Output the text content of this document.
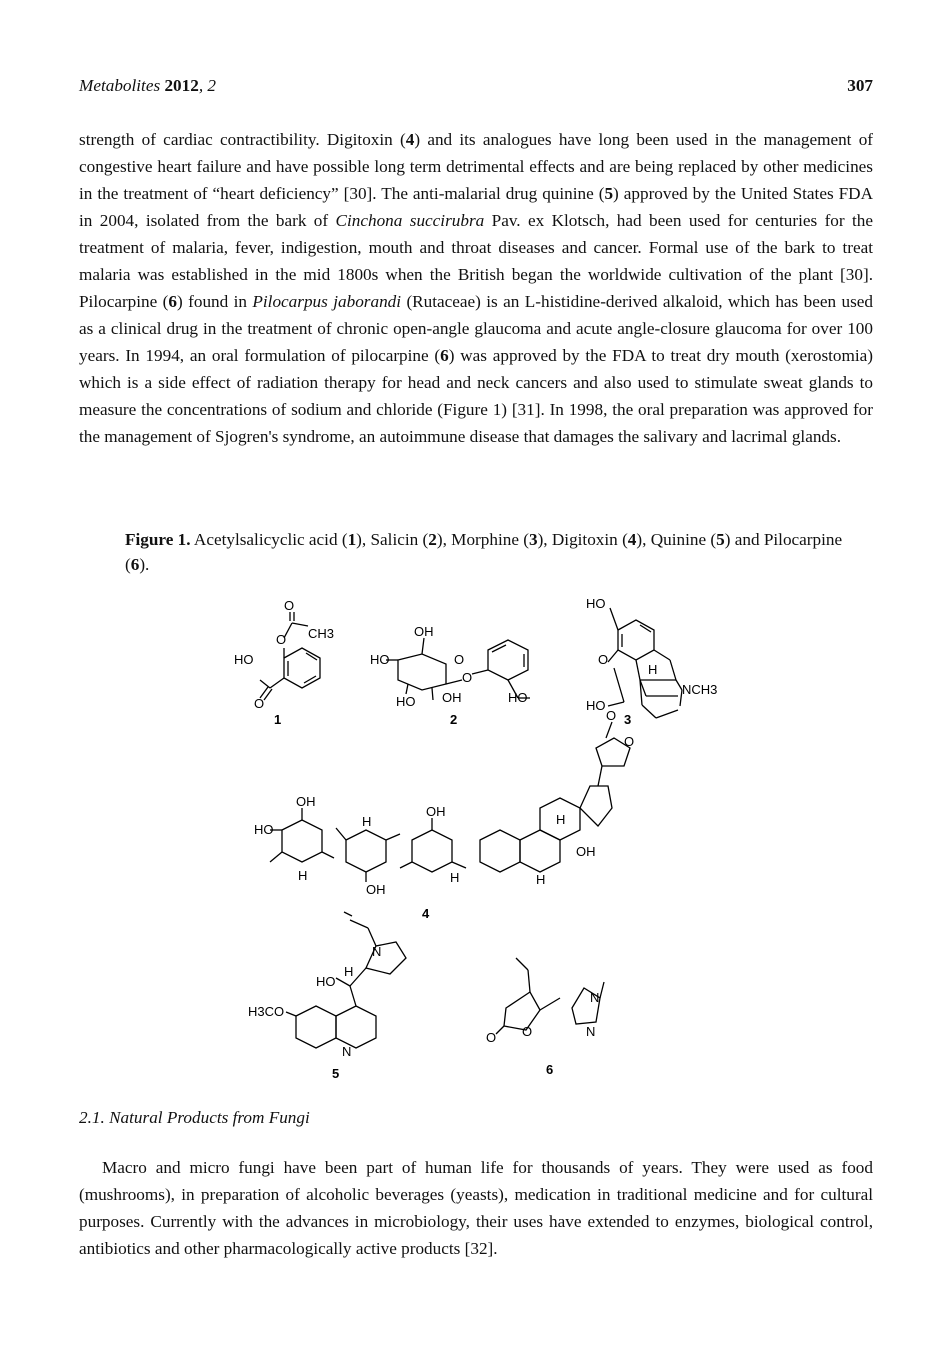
Metabolites 2012, 2	307

strength of cardiac contractibility. Digitoxin (4) and its analogues have long been used in the management of congestive heart failure and have possible long term detrimental effects and are being replaced by other medicines in the treatment of “heart deficiency” [30]. The anti-malarial drug quinine (5) approved by the United States FDA in 2004, isolated from the bark of Cinchona succirubra Pav. ex Klotsch, had been used for centuries for the treatment of malaria, fever, indigestion, mouth and throat diseases and cancer. Formal use of the bark to treat malaria was established in the mid 1800s when the British began the worldwide cultivation of the plant [30]. Pilocarpine (6) found in Pilocarpus jaborandi (Rutaceae) is an L-histidine-derived alkaloid, which has been used as a clinical drug in the treatment of chronic open-angle glaucoma and acute angle-closure glaucoma for over 100 years. In 1994, an oral formulation of pilocarpine (6) was approved by the FDA to treat dry mouth (xerostomia) which is a side effect of radiation therapy for head and neck cancers and also used to stimulate sweat glands to measure the concentrations of sodium and chloride (Figure 1) [31]. In 1998, the oral preparation was approved for the management of Sjogren's syndrome, an autoimmune disease that damages the salivary and lacrimal glands.

Figure 1. Acetylsalicyclic acid (1), Salicin (2), Morphine (3), Digitoxin (4), Quinine (5) and Pilocarpine (6).

O
O CH3
HO
O
1
OH
HO	O
O
HO OH	HO
2
HO
O
H
NCH3
HO
3
HO
OH
H
OH
H
OH
H	H
H
OH
O
O
4
HO
H
N
H3CO
N
5
O
O
N
N
6
2.1. Natural Products from Fungi

Macro and micro fungi have been part of human life for thousands of years. They were used as food (mushrooms), in preparation of alcoholic beverages (yeasts), medication in traditional medicine and for cultural purposes. Currently with the advances in microbiology, their uses have extended to enzymes, biological control, antibiotics and other pharmacologically active products [32].
